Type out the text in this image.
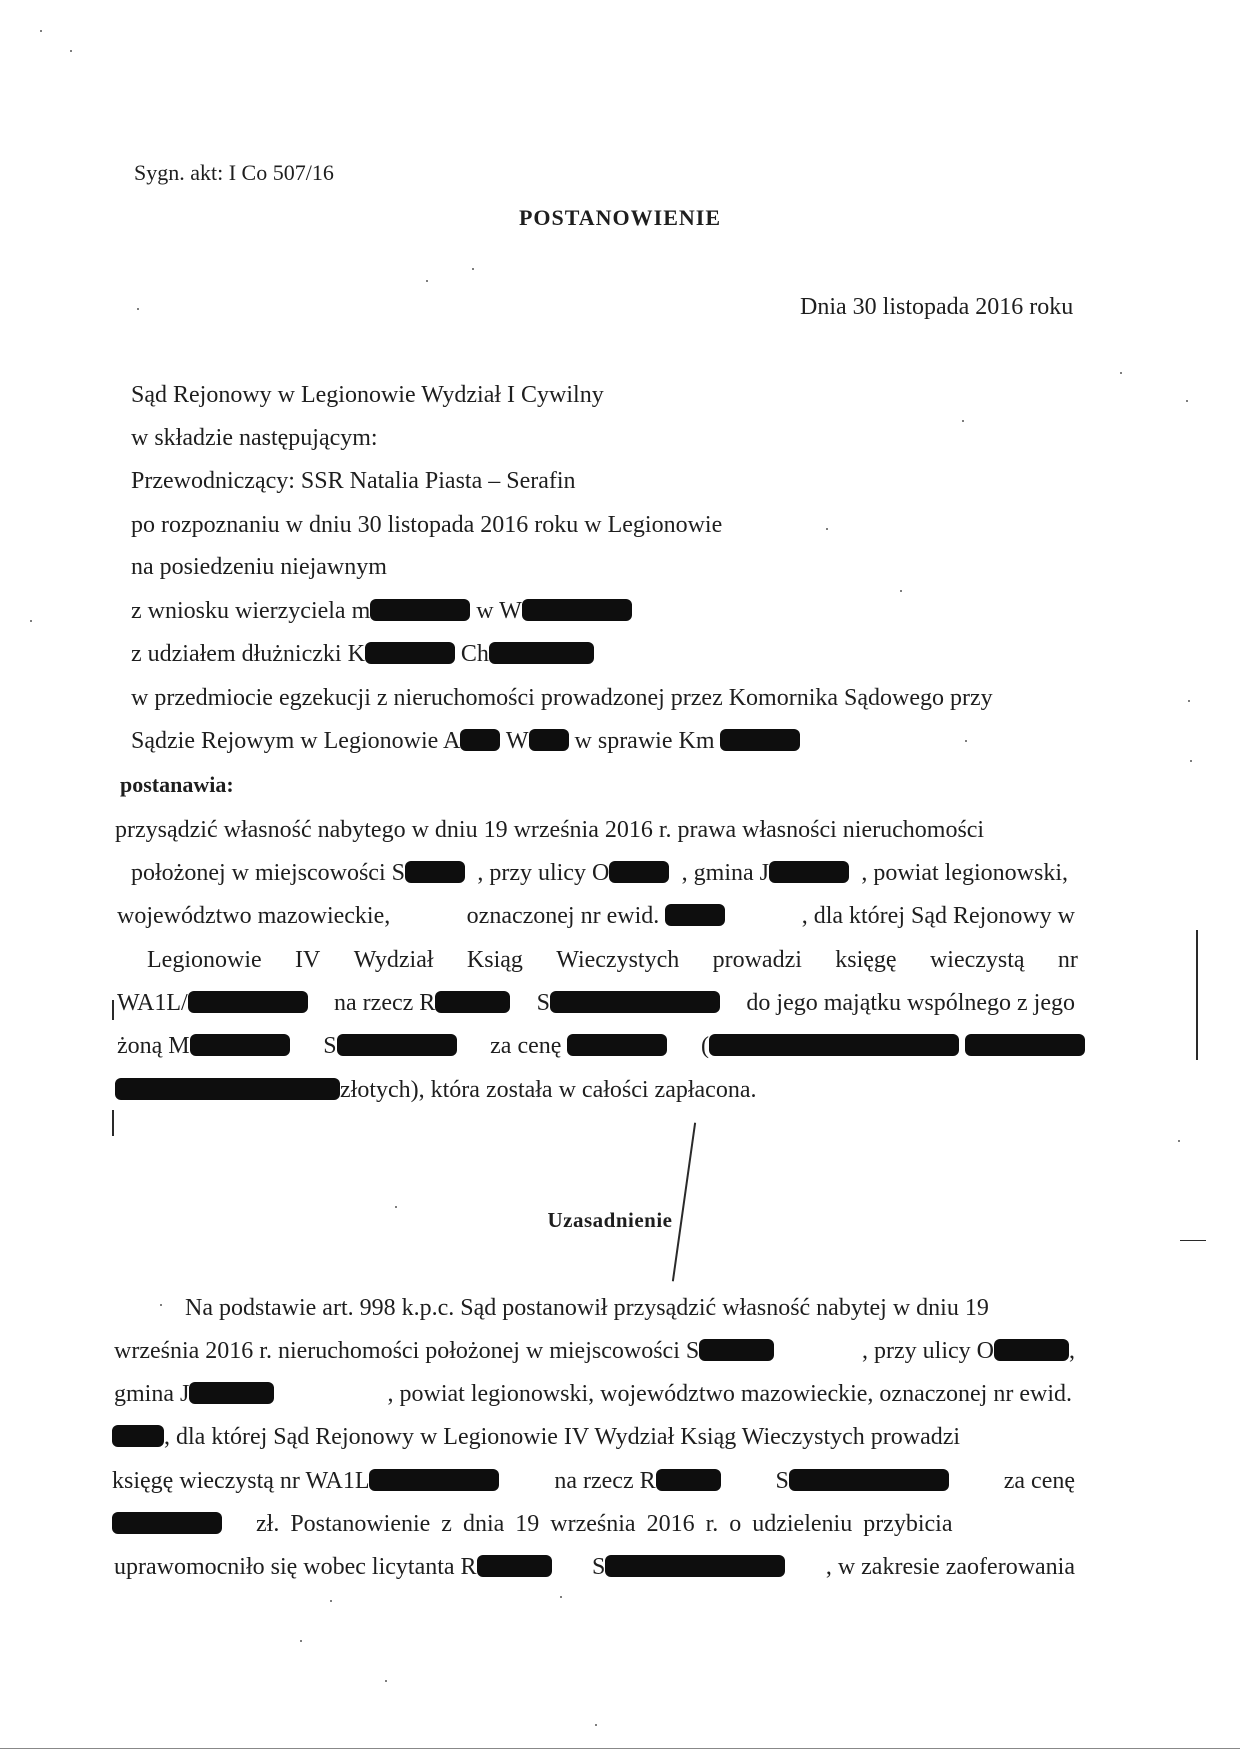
Sygn. akt: I Co 507/16
POSTANOWIENIE
Dnia 30 listopada 2016 roku
Sąd Rejonowy w Legionowie Wydział I Cywilny
w składzie następującym:
Przewodniczący: SSR Natalia Piasta – Serafin
po rozpoznaniu w dniu 30 listopada 2016 roku w Legionowie
na posiedzeniu niejawnym
z wniosku wierzyciela m	w W
z udziałem dłużniczki K	Ch
w przedmiocie egzekucji z nieruchomości prowadzonej przez Komornika Sądowego przy
Sądzie Rejowym w Legionowie A W w sprawie Km
postanawia:
przysądzić własność nabytego w dniu 19 września 2016 r. prawa własności nieruchomości
położonej w miejscowości S	, przy ulicy O	, gmina J	, powiat legionowski,
województwo mazowieckie,	oznaczonej nr ewid.	, dla której Sąd Rejonowy w
Legionowie IV Wydział Ksiąg Wieczystych prowadzi księgę wieczystą nr
WA1L/	na rzecz R	S	do jego majątku wspólnego z jego
żoną M	S	za cenę	(
złotych), która została w całości zapłacona.
Uzasadnienie
Na podstawie art. 998 k.p.c. Sąd postanowił przysądzić własność nabytej w dniu 19
września 2016 r. nieruchomości położonej w miejscowości S	, przy ulicy O	,
gmina J	, powiat legionowski, województwo mazowieckie, oznaczonej nr ewid.
, dla której Sąd Rejonowy w Legionowie IV Wydział Ksiąg Wieczystych prowadzi
księgę wieczystą nr WA1L	na rzecz R	S	za cenę
zł. Postanowienie z dnia 19 września 2016 r. o udzieleniu przybicia
uprawomocniło się wobec licytanta R	S	, w zakresie zaoferowania
